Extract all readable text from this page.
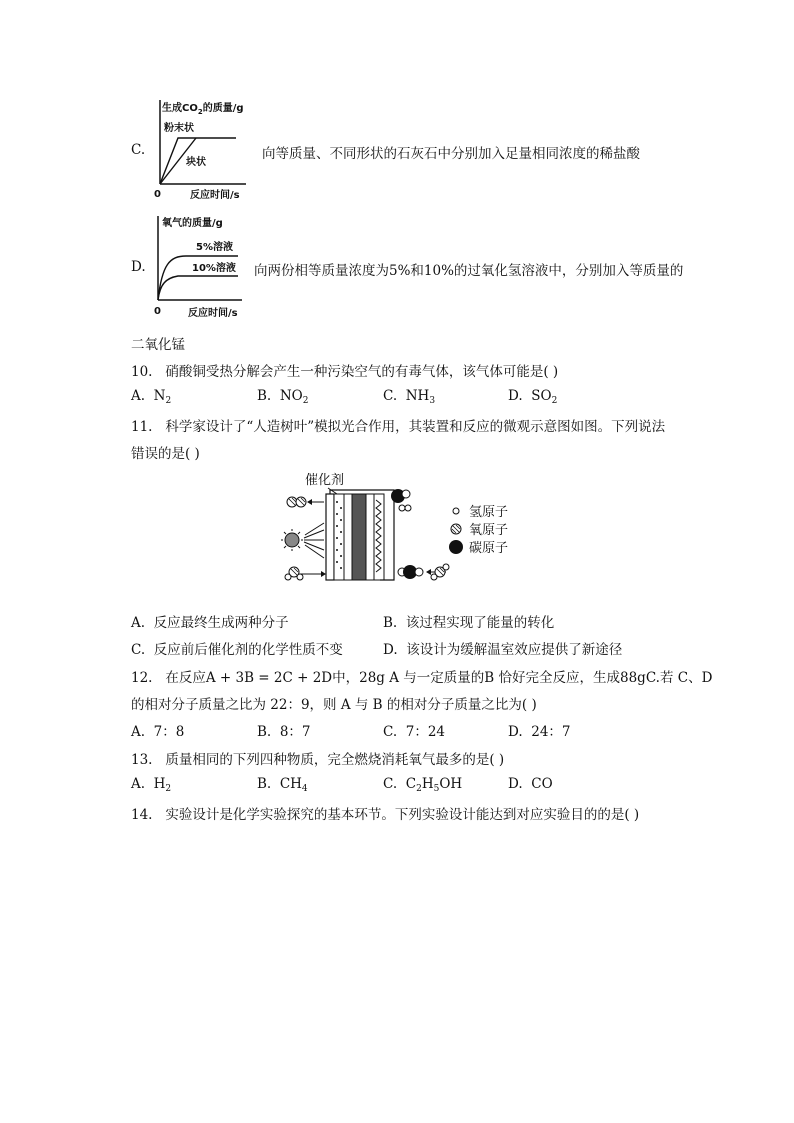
C.
生成$CO_2$的质量/g
粉末状
块状
0	反应时间/s
向等质量、不同形状的石灰石中分别加入足量相同浓度的稀盐酸
D.
氧气的质量/g
5%溶液
10%溶液
0	反应时间/s
向两份相等质量浓度为5%和10%的过氧化氢溶液中，分别加入等质量的
二氧化锰
10. 硝酸铜受热分解会产生一种污染空气的有毒气体，该气体可能是( )
A. $N_2$	B. $NO_2$	C. $NH_3$	D. $SO_2$
11. 科学家设计了“人造树叶”模拟光合作用，其装置和反应的微观示意图如图。下列说法
错误的是( )
催化剂
氢原子
氧原子
碳原子
A. 反应最终生成两种分子	B. 该过程实现了能量的转化
C. 反应前后催化剂的化学性质不变	D. 该设计为缓解温室效应提供了新途径
12. 在反应A + 3B = 2C + 2D中，28g A 与一定质量的B 恰好完全反应，生成88gC.若 C、D
的相对分子质量之比为 22：9，则 A 与 B 的相对分子质量之比为( )
A. 7：8	B. 8：7	C. 7：24	D. 24：7
13. 质量相同的下列四种物质，完全燃烧消耗氧气最多的是( )
A. $H_2$	B. $CH_4$	C. $C_2H_5OH$	D. CO
14. 实验设计是化学实验探究的基本环节。下列实验设计能达到对应实验目的的是( )
